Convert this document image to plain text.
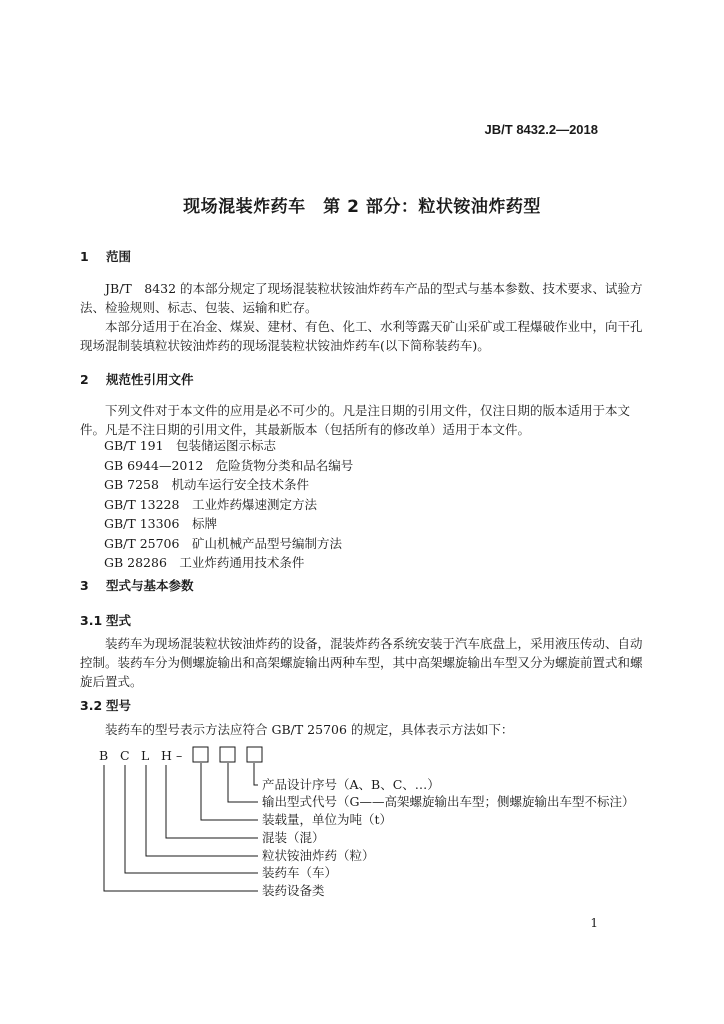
JB/T 8432.2—2018
现场混装炸药车　第 2 部分：粒状铵油炸药型
1 范围
JB/T　8432 的本部分规定了现场混装粒状铵油炸药车产品的型式与基本参数、技术要求、试验方法、检验规则、标志、包装、运输和贮存。
本部分适用于在冶金、煤炭、建材、有色、化工、水利等露天矿山采矿或工程爆破作业中，向干孔现场混制装填粒状铵油炸药的现场混装粒状铵油炸药车(以下简称装药车)。
2 规范性引用文件
下列文件对于本文件的应用是必不可少的。凡是注日期的引用文件，仅注日期的版本适用于本文件。凡是不注日期的引用文件，其最新版本（包括所有的修改单）适用于本文件。
GB/T 191　包装储运图示标志
GB 6944—2012　危险货物分类和品名编号
GB 7258　机动车运行安全技术条件
GB/T 13228　工业炸药爆速测定方法
GB/T 13306　标牌
GB/T 25706　矿山机械产品型号编制方法
GB 28286　工业炸药通用技术条件
3 型式与基本参数
3.1 型式
装药车为现场混装粒状铵油炸药的设备，混装炸药各系统安装于汽车底盘上，采用液压传动、自动控制。装药车分为侧螺旋输出和高架螺旋输出两种车型，其中高架螺旋输出车型又分为螺旋前置式和螺旋后置式。
3.2 型号
装药车的型号表示方法应符合 GB/T 25706 的规定，具体表示方法如下：
B C L H –
产品设计序号（A、B、C、…）
输出型式代号（G——高架螺旋输出车型；侧螺旋输出车型不标注）
装载量，单位为吨（t）
混装（混）
粒状铵油炸药（粒）
装药车（车）
装药设备类
1
